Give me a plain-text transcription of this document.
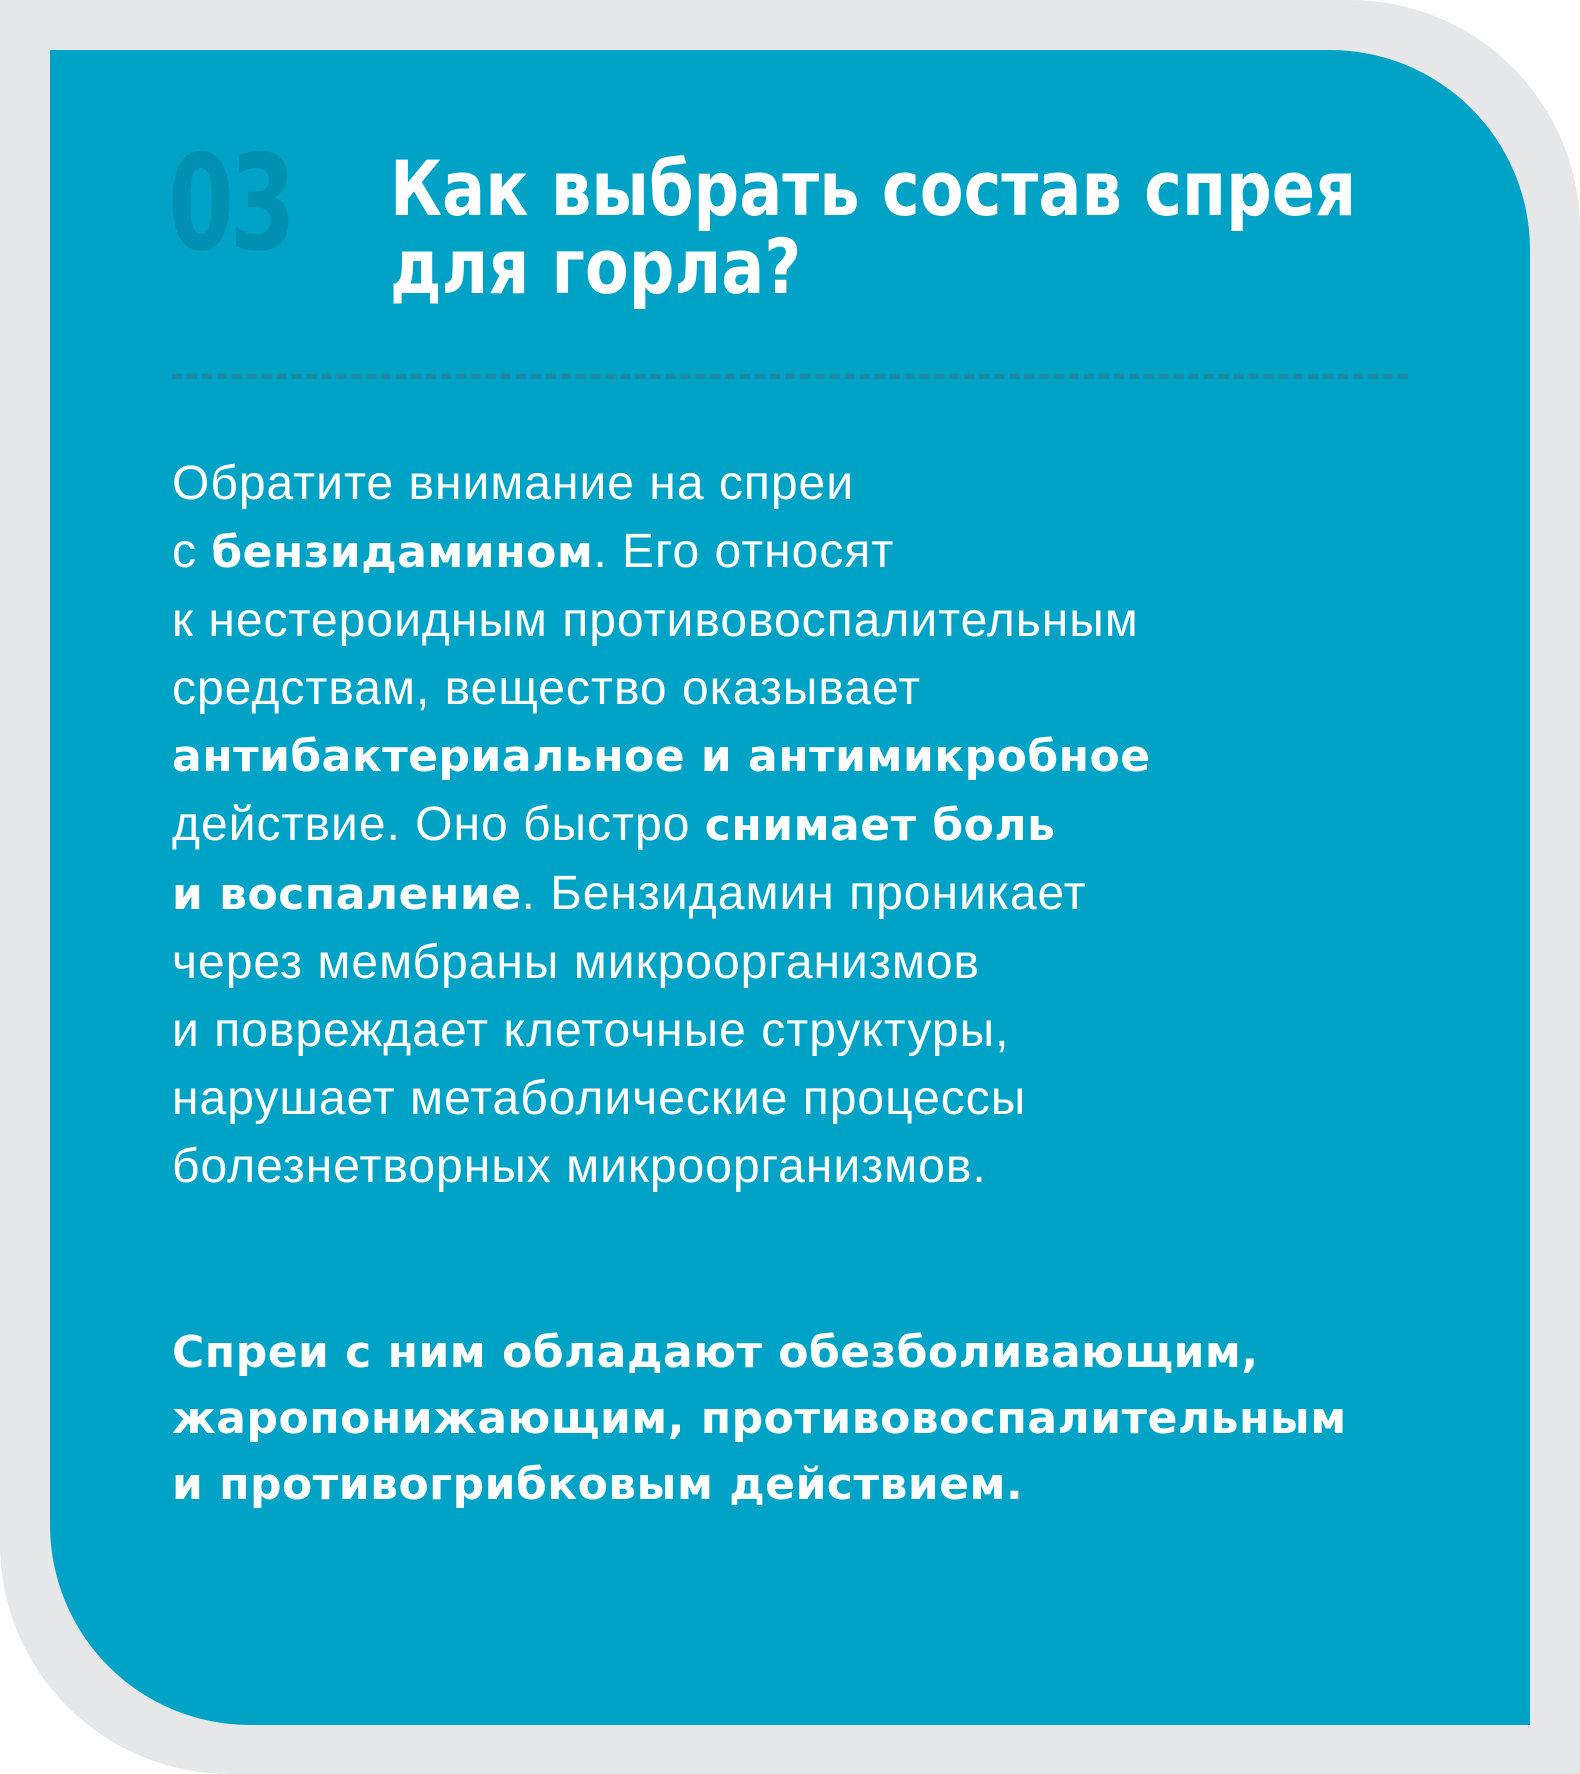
03 Как выбрать состав спрея
для горла?
Обратите внимание на спреи
с бензидамином. Его относят
к нестероидным противовоспалительным
средствам, вещество оказывает
антибактериальное и антимикробное
действие. Оно быстро снимает боль
и воспаление. Бензидамин проникает
через мембраны микроорганизмов
и повреждает клеточные структуры,
нарушает метаболические процессы
болезнетворных микроорганизмов.
Спреи с ним обладают обезболивающим,
жаропонижающим, противовоспалительным
и противогрибковым действием.
